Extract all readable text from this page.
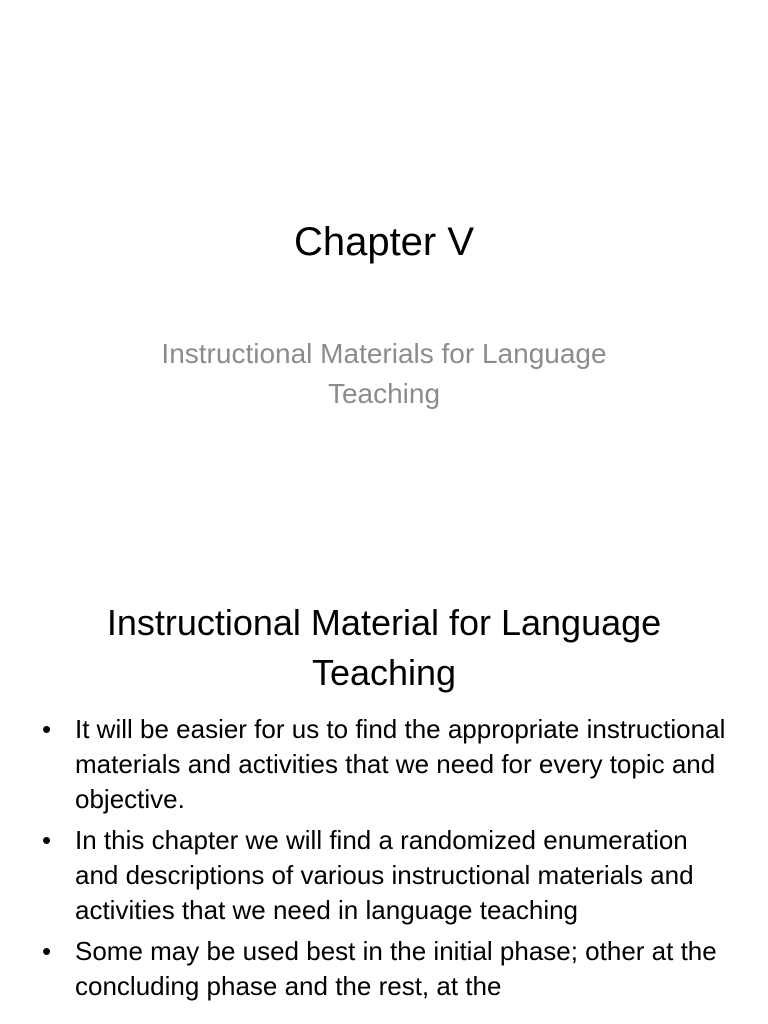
Chapter V
Instructional Materials for Language Teaching
Instructional Material for Language Teaching
• It will be easier for us to find the appropriate instructional materials and activities that we need for every topic and objective.
• In this chapter we will find a randomized enumeration and descriptions of various instructional materials and activities that we need in language teaching
• Some may be used best in the initial phase; other at the concluding phase and the rest, at the
